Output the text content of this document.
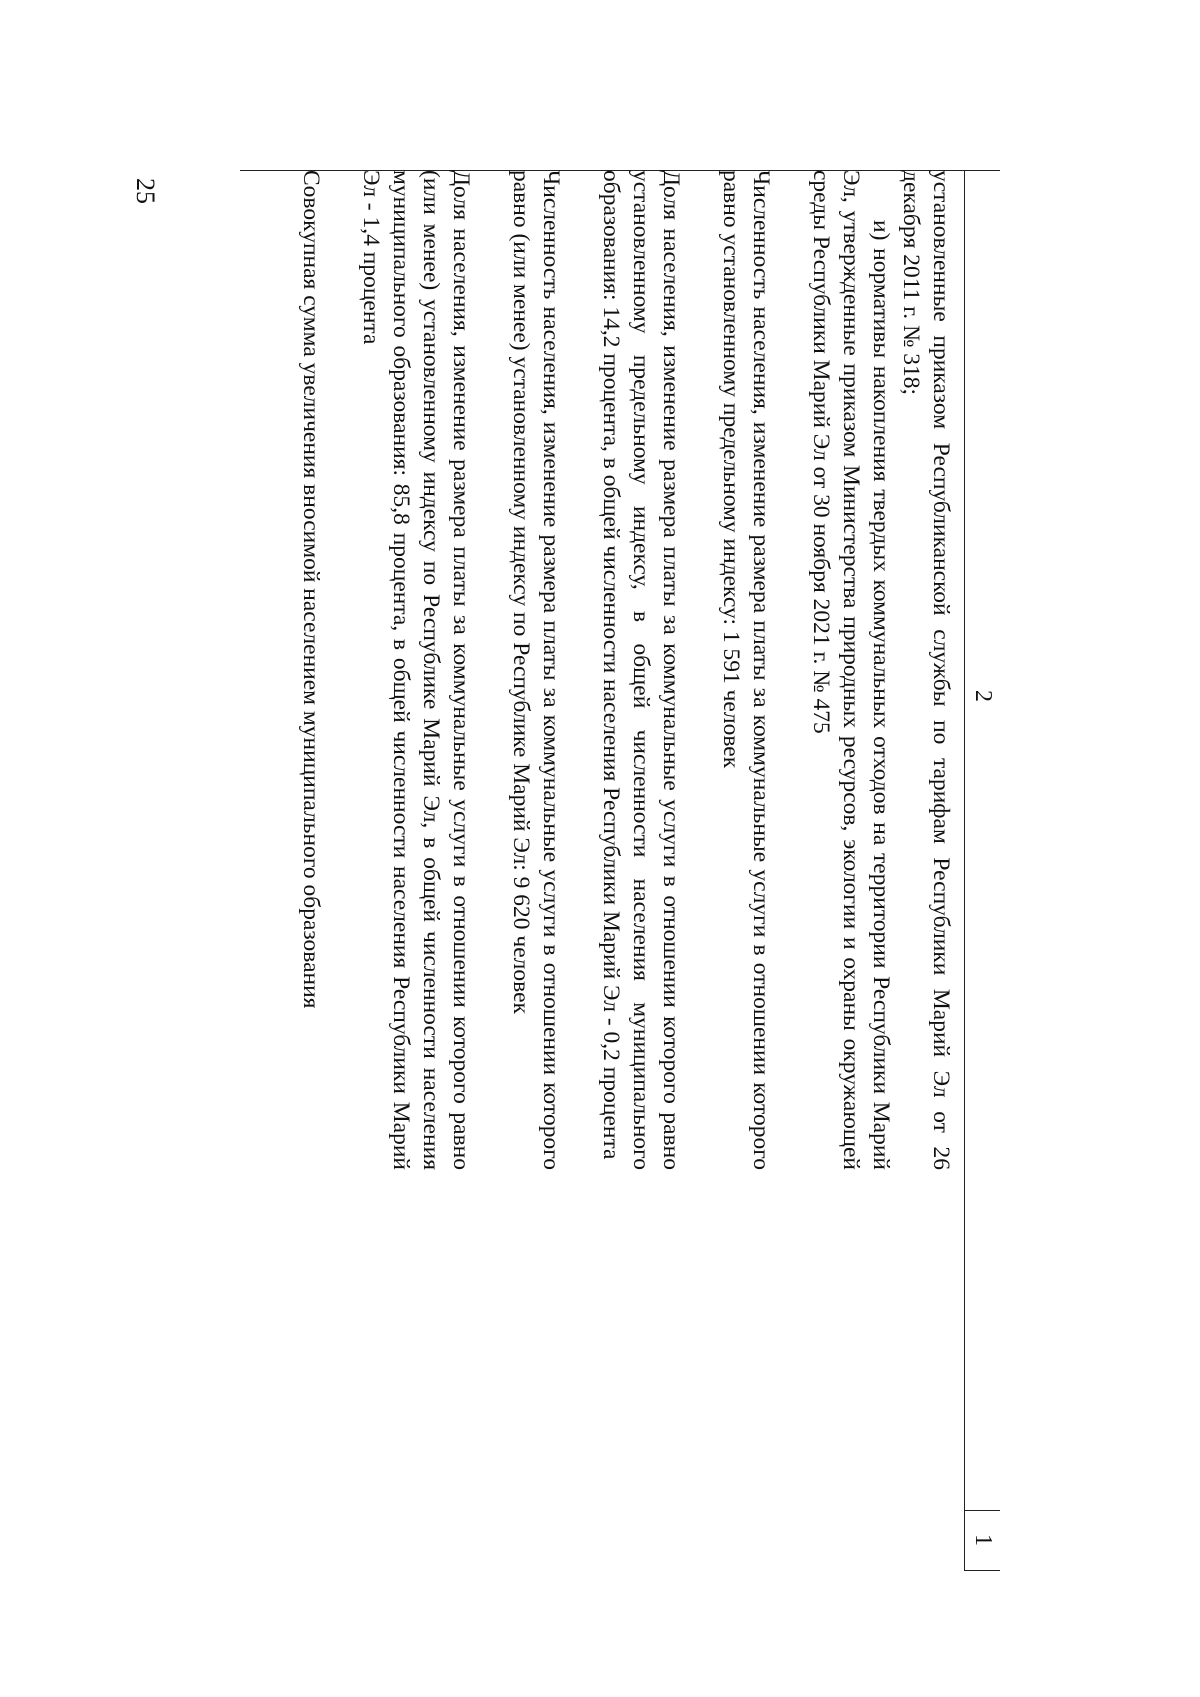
25
2
1

установленные приказом Республиканской службы по тарифам Республики Марий Эл от 26 декабря 2011 г. № 318;

и) нормативы накопления твердых коммунальных отходов на территории Республики Марий Эл, утвержденные приказом Министерства природных ресурсов, экологии и охраны окружающей среды Республики Марий Эл от 30 ноября 2021 г. № 475

Численность населения, изменение размера платы за коммунальные услуги в отношении которого равно установленному предельному индексу: 1 591 человек

Доля населения, изменение размера платы за коммунальные услуги в отношении которого равно установленному предельному индексу, в общей численности населения муниципального образования: 14,2 процента, в общей численности населения Республики Марий Эл - 0,2 процента

Численность населения, изменение размера платы за коммунальные услуги в отношении которого равно (или менее) установленному индексу по Республике Марий Эл: 9 620 человек

Доля населения, изменение размера платы за коммунальные услуги в отношении которого равно (или менее) установленному индексу по Республике Марий Эл, в общей численности населения муниципального образования: 85,8 процента, в общей численности населения Республики Марий Эл - 1,4 процента

Совокупная сумма увеличения вносимой населением муниципального образования
